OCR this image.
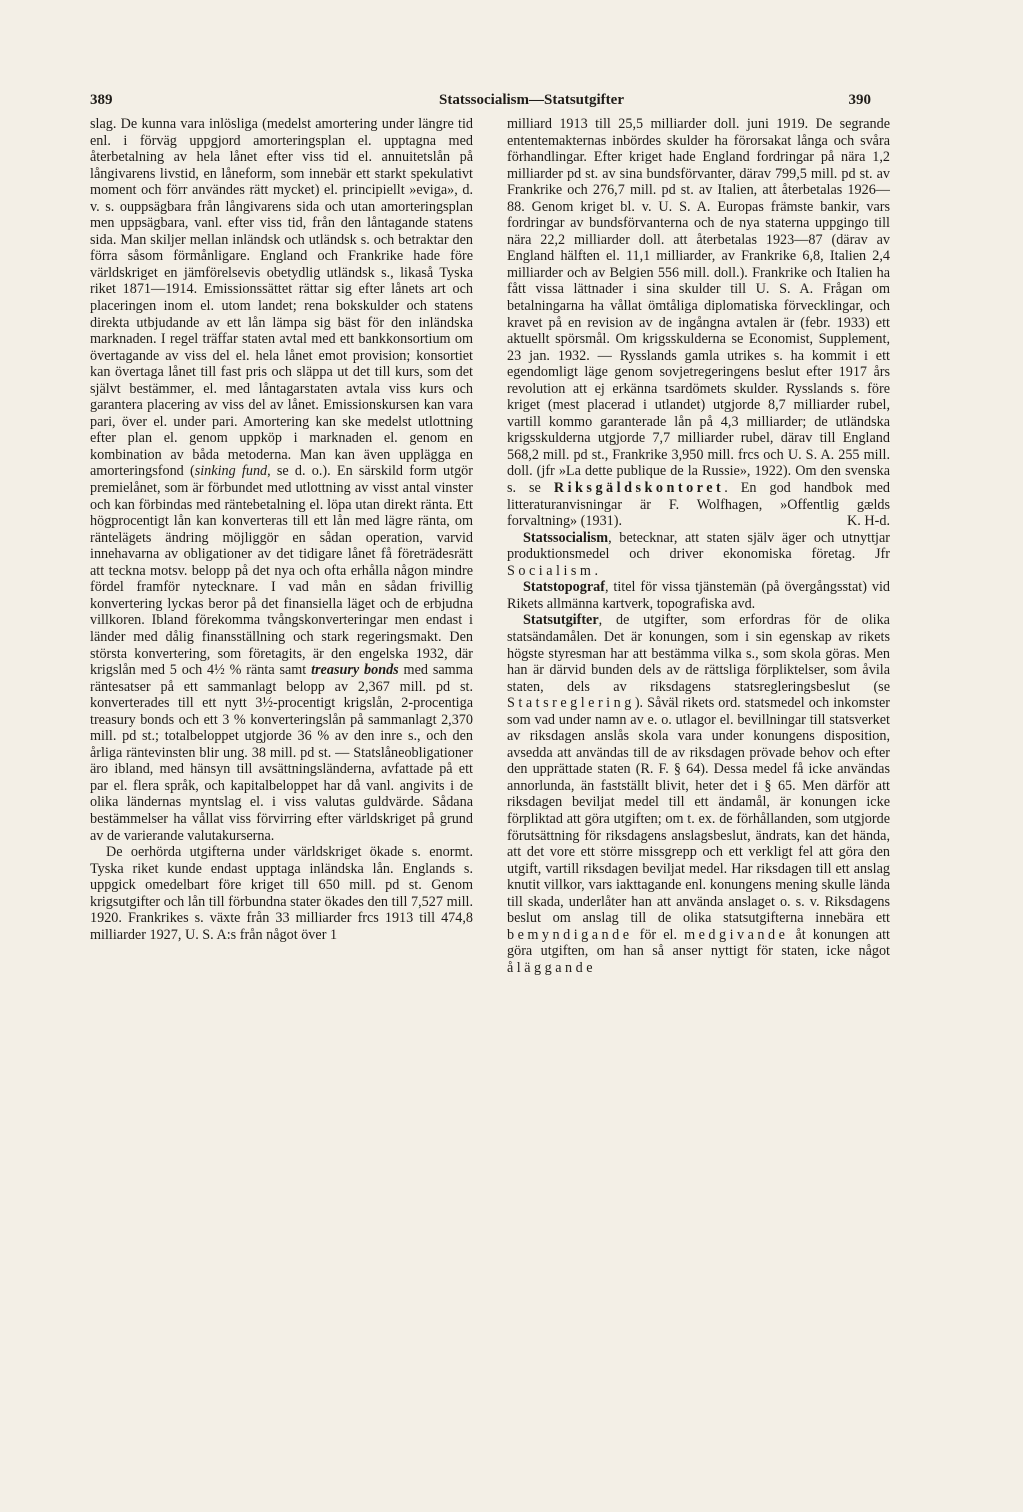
389	Statssocialism—Statsutgifter	390

slag. De kunna vara inlösliga (medelst amortering under längre tid enl. i förväg uppgjord amorteringsplan el. upptagna med återbetalning av hela lånet efter viss tid el. annuitetslån på långivarens livstid, en låneform, som innebär ett starkt spekulativt moment och förr användes rätt mycket) el. principiellt »eviga», d. v. s. ouppsägbara från långivarens sida och utan amorteringsplan men uppsägbara, vanl. efter viss tid, från den låntagande statens sida. Man skiljer mellan inländsk och utländsk s. och betraktar den förra såsom förmånligare. England och Frankrike hade före världskriget en jämförelsevis obetydlig utländsk s., likaså Tyska riket 1871—1914. Emissionssättet rättar sig efter lånets art och placeringen inom el. utom landet; rena bokskulder och statens direkta utbjudande av ett lån lämpa sig bäst för den inländska marknaden. I regel träffar staten avtal med ett bankkonsortium om övertagande av viss del el. hela lånet emot provision; konsortiet kan övertaga lånet till fast pris och släppa ut det till kurs, som det självt bestämmer, el. med låntagarstaten avtala viss kurs och garantera placering av viss del av lånet. Emissionskursen kan vara pari, över el. under pari. Amortering kan ske medelst utlottning efter plan el. genom uppköp i marknaden el. genom en kombination av båda metoderna. Man kan även uppläggа en amorteringsfond (sinking fund, se d. o.). En särskild form utgör premielånet, som är förbundet med utlottning av visst antal vinster och kan förbindas med räntebetalning el. löpa utan direkt ränta. Ett högprocentigt lån kan konverteras till ett lån med lägre ränta, om räntelägets ändring möjliggör en sådan operation, varvid innehavarna av obligationer av det tidigare lånet få företrädesrätt att teckna motsv. belopp på det nya och ofta erhålla någon mindre fördel framför nytecknare. I vad mån en sådan frivillig konvertering lyckas beror på det finansiella läget och de erbjudna villkoren. Ibland förekomma tvångskonverteringar men endast i länder med dålig finansställning och stark regeringsmakt. Den största konvertering, som företagits, är den engelska 1932, där krigslån med 5 och 4½ % ränta samt treasury bonds med samma räntesatser på ett sammanlagt belopp av 2,367 mill. pd st. konverterades till ett nytt 3½-procentigt krigslån, 2-procentiga treasury bonds och ett 3 % konverteringslån på sammanlagt 2,370 mill. pd st.; totalbeloppet utgjorde 36 % av den inre s., och den årliga räntevinsten blir ung. 38 mill. pd st. — Statslåneobligationer äro ibland, med hänsyn till avsättningsländerna, avfattade på ett par el. flera språk, och kapitalbeloppet har då vanl. angivits i de olika ländernas myntslag el. i viss valutas guldvärde. Sådana bestämmelser ha vållat viss förvirring efter världskriget på grund av de varierande valutakurserna.

De oerhörda utgifterna under världskriget ökade s. enormt. Tyska riket kunde endast upptaga inländska lån. Englands s. uppgick omedelbart före kriget till 650 mill. pd st. Genom krigsutgifter och lån till förbundna stater ökades den till 7,527 mill. 1920. Frankrikes s. växte från 33 milliarder frcs 1913 till 474,8 milliarder 1927, U. S. A:s från något över 1

milliard 1913 till 25,5 milliarder doll. juni 1919. De segrande ententemakternas inbördes skulder ha förorsakat långa och svåra förhandlingar. Efter kriget hade England fordringar på nära 1,2 milliarder pd st. av sina bundsförvanter, därav 799,5 mill. pd st. av Frankrike och 276,7 mill. pd st. av Italien, att återbetalas 1926—88. Genom kriget bl. v. U. S. A. Europas främste bankir, vars fordringar av bundsförvanterna och de nya staterna uppgingo till nära 22,2 milliarder doll. att återbetalas 1923—87 (därav av England hälften el. 11,1 milliarder, av Frankrike 6,8, Italien 2,4 milliarder och av Belgien 556 mill. doll.). Frankrike och Italien ha fått vissa lättnader i sina skulder till U. S. A. Frågan om betalningarna ha vållat ömtåliga diplomatiska förvecklingar, och kravet på en revision av de ingångna avtalen är (febr. 1933) ett aktuellt spörsmål. Om krigsskulderna se Economist, Supplement, 23 jan. 1932. — Rysslands gamla utrikes s. ha kommit i ett egendomligt läge genom sovjetregeringens beslut efter 1917 års revolution att ej erkänna tsardömets skulder. Rysslands s. före kriget (mest placerad i utlandet) utgjorde 8,7 milliarder rubel, vartill kommo garanterade lån på 4,3 milliarder; de utländska krigsskulderna utgjorde 7,7 milliarder rubel, därav till England 568,2 mill. pd st., Frankrike 3,950 mill. frcs och U. S. A. 255 mill. doll. (jfr »La dette publique de la Russie», 1922). Om den svenska s. se Riksgäldskontoret. En god handbok med litteraturanvisningar är F. Wolfhagen, »Offentlig gælds forvaltning» (1931).	K. H-d.

Statssocialism, betecknar, att staten själv äger och utnyttjar produktionsmedel och driver ekonomiska företag. Jfr Socialism.

Statstopograf, titel för vissa tjänstemän (på övergångsstat) vid Rikets allmänna kartverk, topografiska avd.

Statsutgifter, de utgifter, som erfordras för de olika statsändamålen. Det är konungen, som i sin egenskap av rikets högste styresman har att bestämma vilka s., som skola göras. Men han är därvid bunden dels av de rättsliga förpliktelser, som åvila staten, dels av riksdagens statsregleringsbeslut (se Statsreglering). Såväl rikets ord. statsmedel och inkomster som vad under namn av e. o. utlagor el. bevillningar till statsverket av riksdagen anslås skola vara under konungens disposition, avsedda att användas till de av riksdagen prövade behov och efter den upprättade staten (R. F. § 64). Dessa medel få icke användas annorlunda, än fastställt blivit, heter det i § 65. Men därför att riksdagen beviljat medel till ett ändamål, är konungen icke förpliktad att göra utgiften; om t. ex. de förhållanden, som utgjorde förutsättning för riksdagens anslagsbeslut, ändrats, kan det hända, att det vore ett större missgrepp och ett verkligt fel att göra den utgift, vartill riksdagen beviljat medel. Har riksdagen till ett anslag knutit villkor, vars iakttagande enl. konungens mening skulle lända till skada, underlåter han att använda anslaget o. s. v. Riksdagens beslut om anslag till de olika statsutgifterna innebära ett bemyndigande för el. medgivande åt konungen att göra utgiften, om han så anser nyttigt för staten, icke något åläggande
